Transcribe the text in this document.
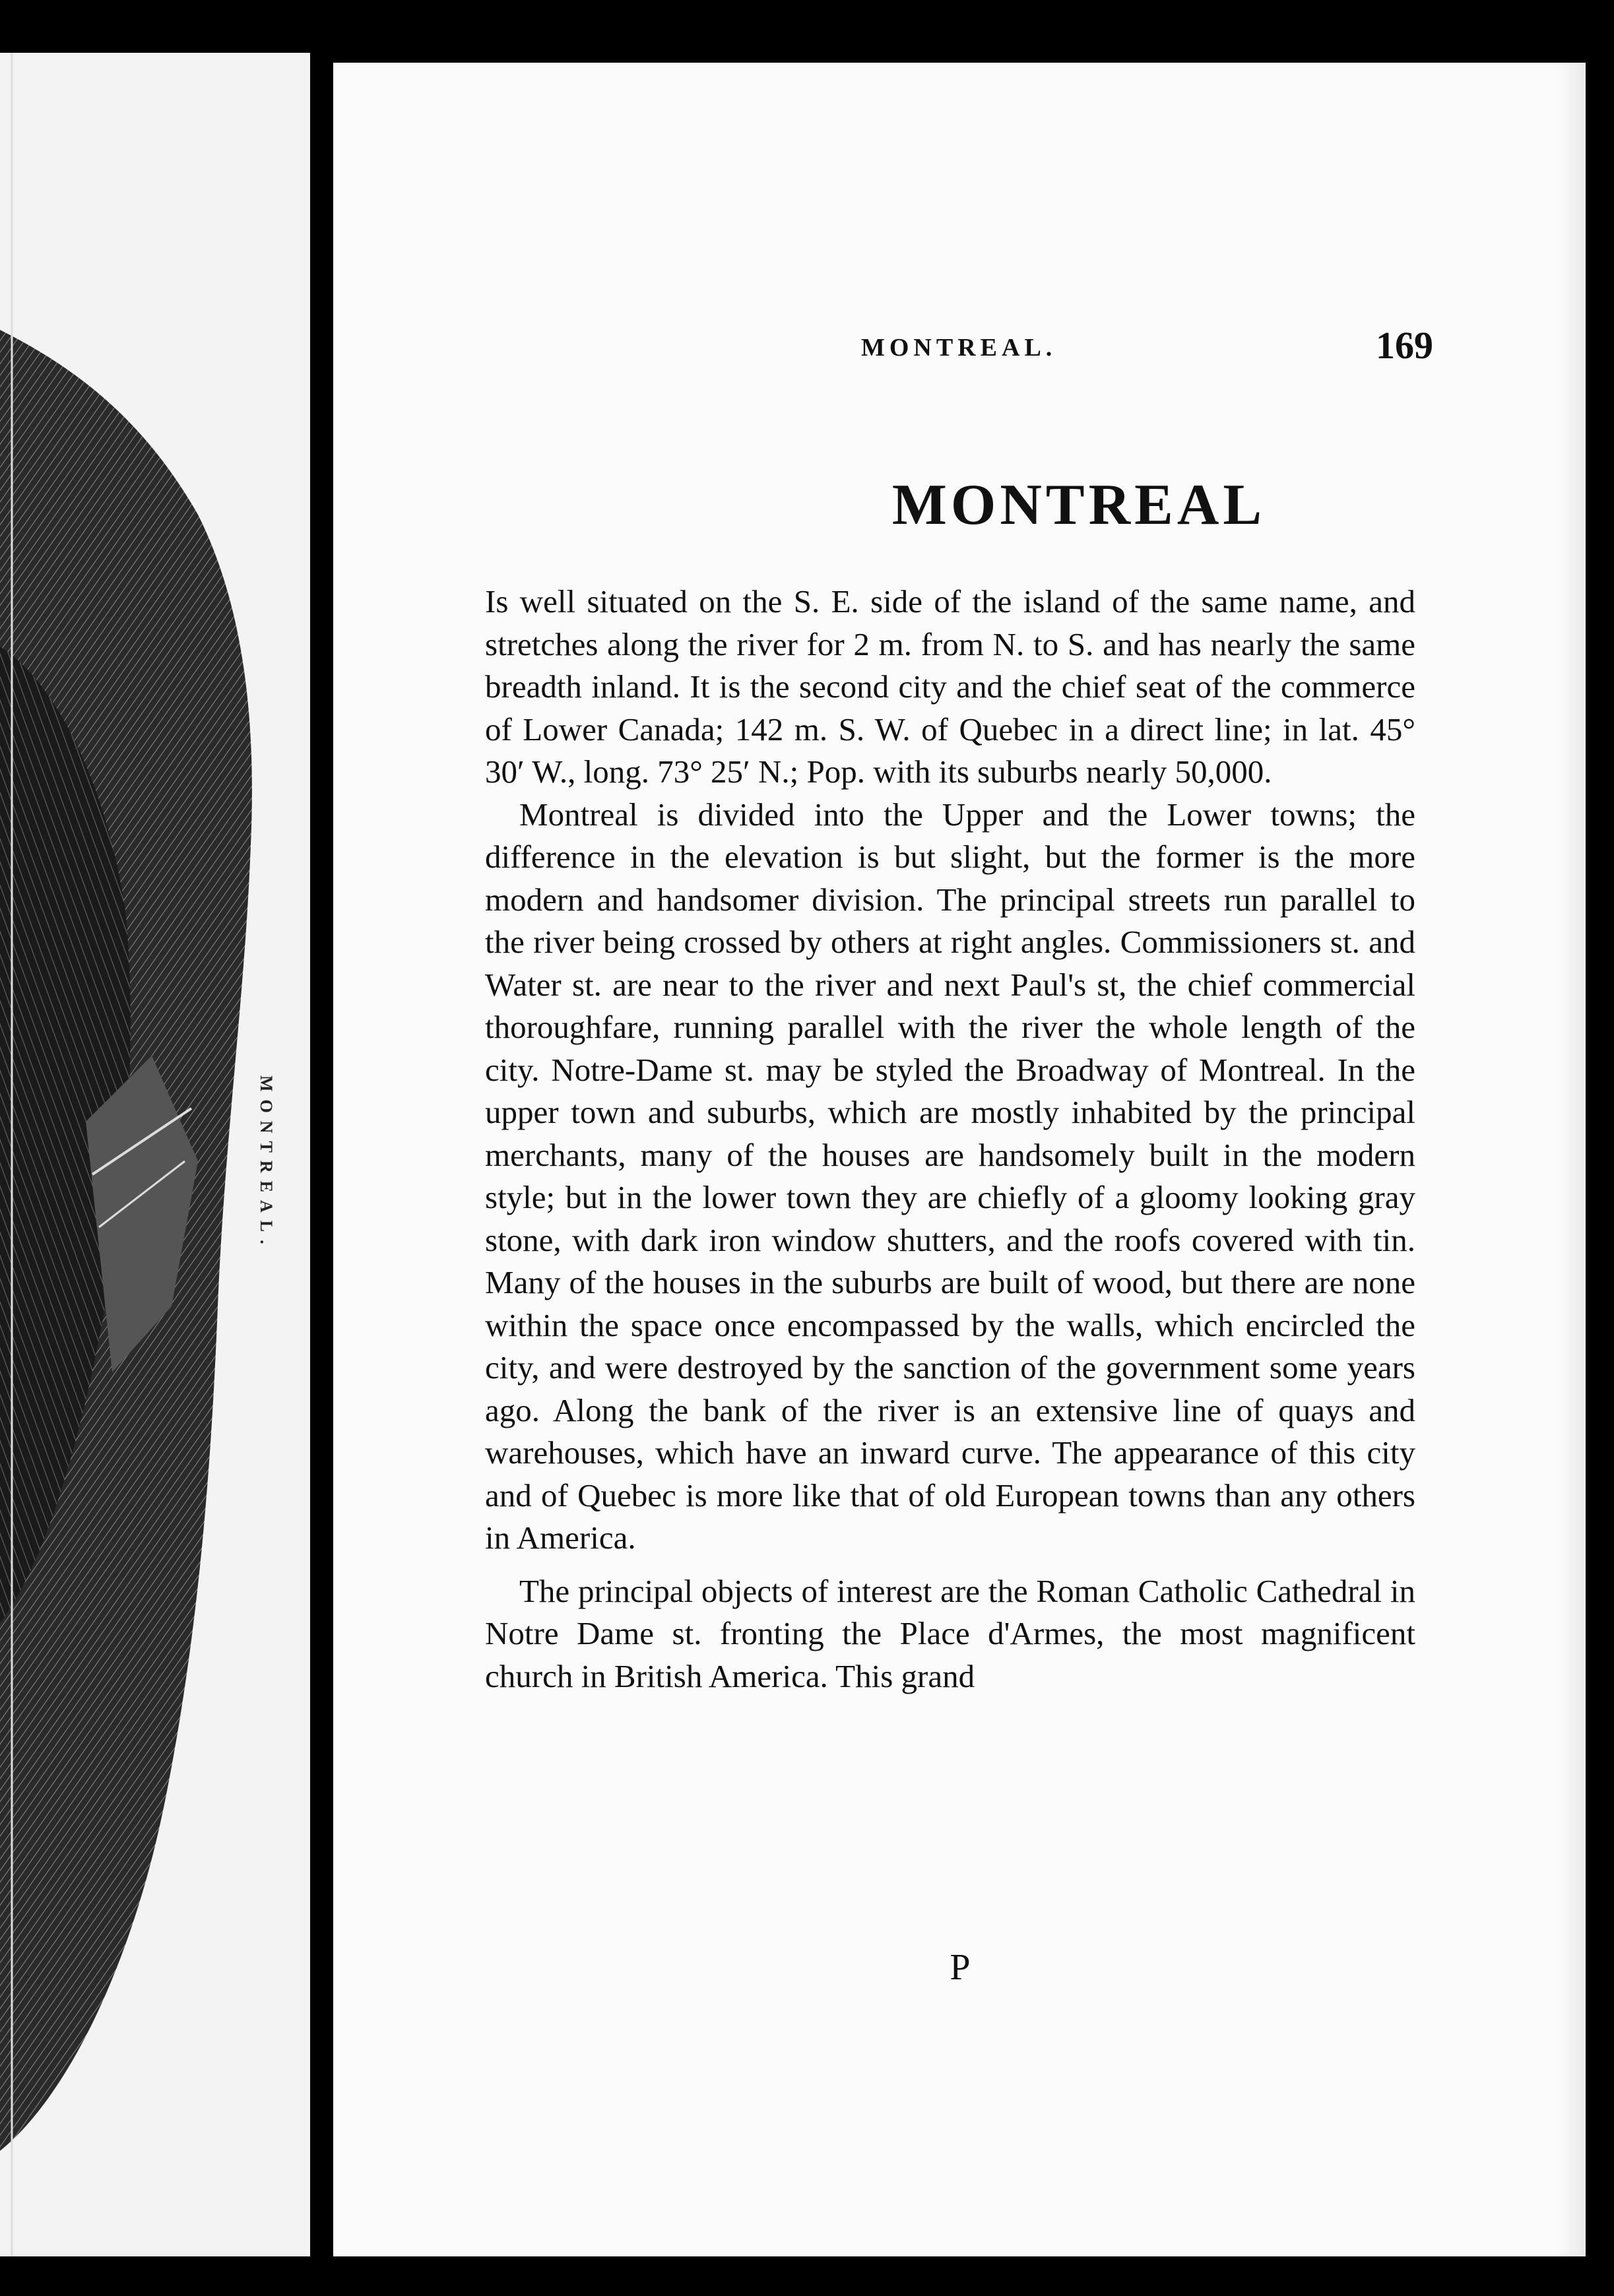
MONTREAL.
MONTREAL.	169
MONTREAL

Is well situated on the S. E. side of the island of the same name, and stretches along the river for 2 m. from N. to S. and has nearly the same breadth inland. It is the second city and the chief seat of the commerce of Lower Canada; 142 m. S. W. of Quebec in a direct line; in lat. 45° 30′ W., long. 73° 25′ N.; Pop. with its suburbs nearly 50,000.

Montreal is divided into the Upper and the Lower towns; the difference in the elevation is but slight, but the former is the more modern and handsomer division. The principal streets run parallel to the river being crossed by others at right angles. Commissioners st. and Water st. are near to the river and next Paul's st, the chief commercial thoroughfare, running parallel with the river the whole length of the city. Notre-Dame st. may be styled the Broadway of Montreal. In the upper town and suburbs, which are mostly inhabited by the principal merchants, many of the houses are handsomely built in the modern style; but in the lower town they are chiefly of a gloomy looking gray stone, with dark iron window shutters, and the roofs covered with tin. Many of the houses in the suburbs are built of wood, but there are none within the space once encompassed by the walls, which encircled the city, and were destroyed by the sanction of the government some years ago. Along the bank of the river is an extensive line of quays and warehouses, which have an inward curve. The appearance of this city and of Quebec is more like that of old European towns than any others in America.

The principal objects of interest are the Roman Catholic Cathedral in Notre Dame st. fronting the Place d'Armes, the most magnificent church in British America. This grand

P
